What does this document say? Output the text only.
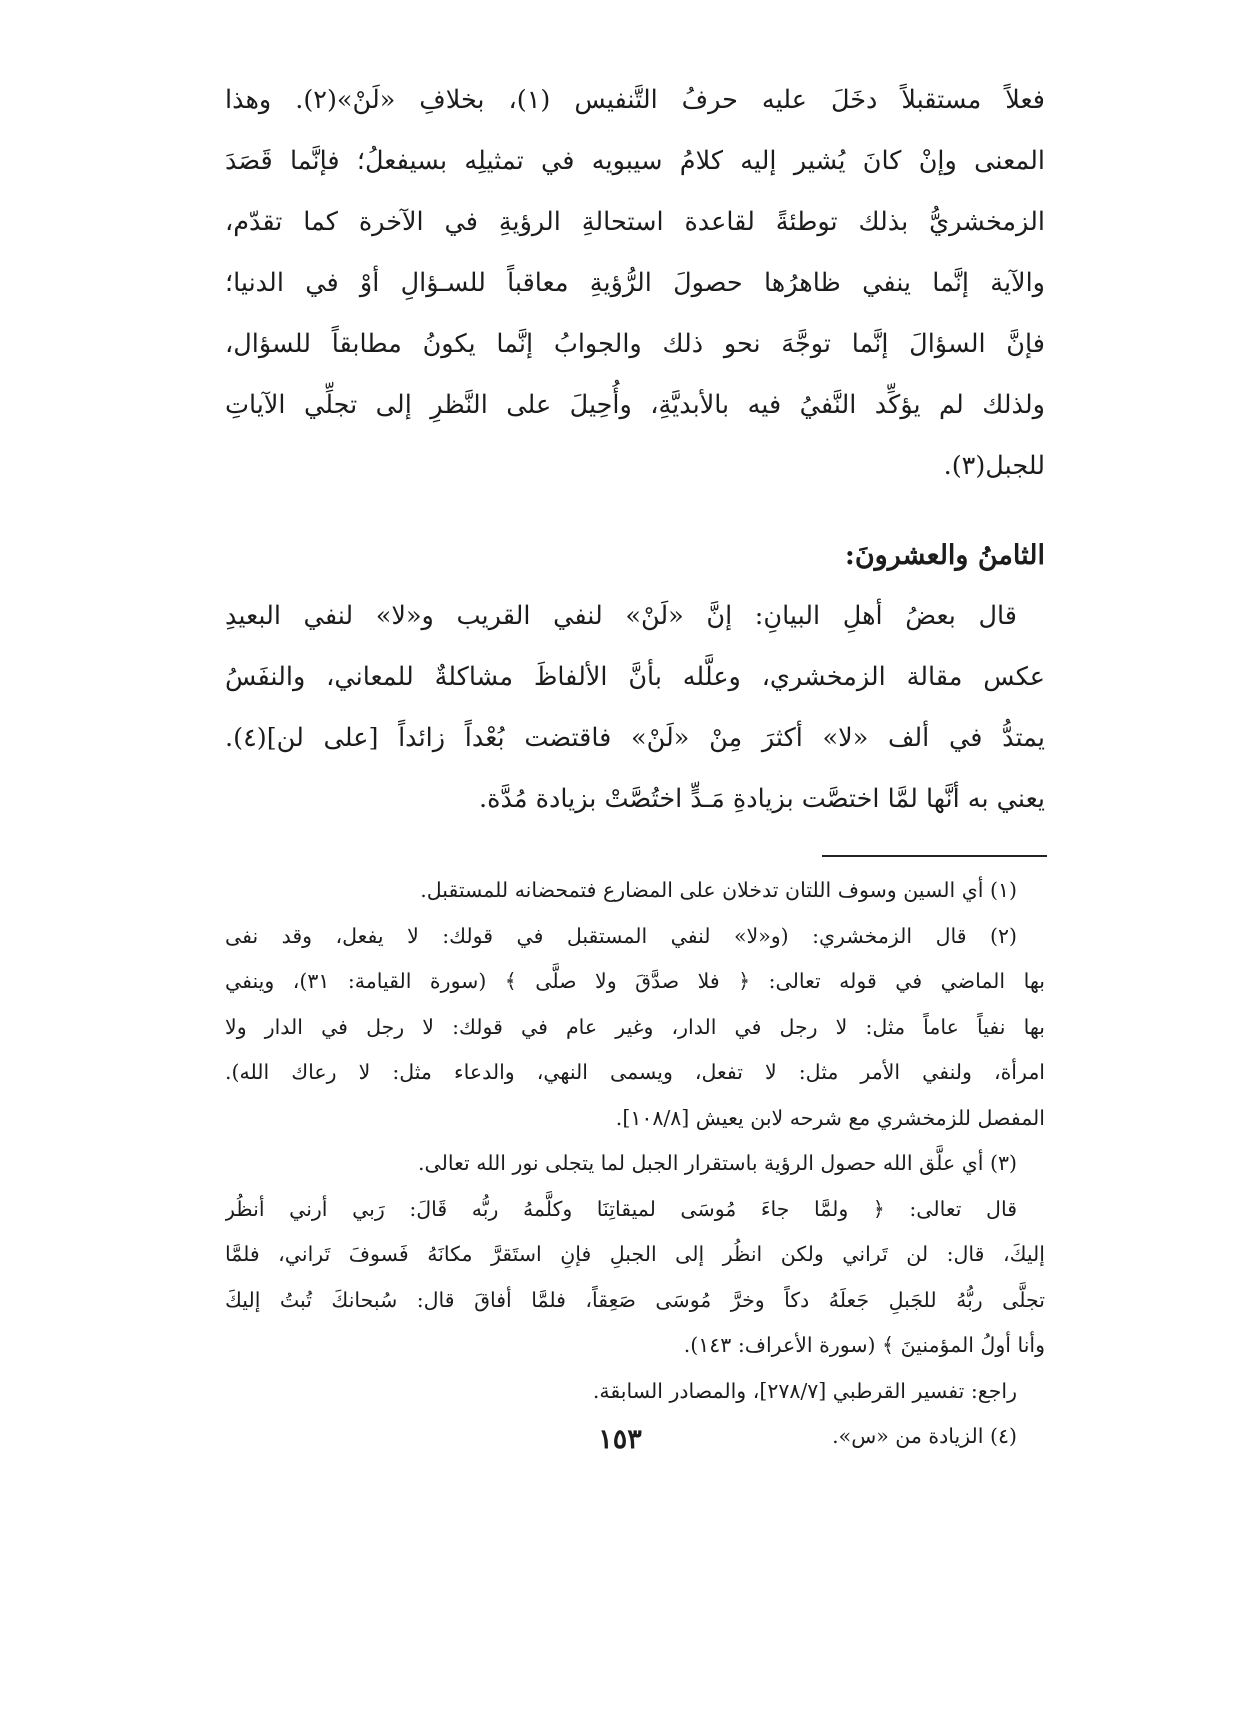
فعلاً مستقبلاً دخَلَ عليه حرفُ التَّنفيس (١)، بخلافِ «لَنْ»(٢). وهذا
المعنى وإنْ كانَ يُشير إليه كلامُ سيبويه في تمثيلِه بسيفعلُ؛ فإنَّما قَصَدَ
الزمخشريُّ بذلك توطئةً لقاعدة استحالةِ الرؤيةِ في الآخرة كما تقدّم،
والآية إنَّما ينفي ظاهرُها حصولَ الرُّؤيةِ معاقباً للسـؤالِ أوْ في الدنيا؛
فإنَّ السؤالَ إنَّما توجَّهَ نحو ذلك والجوابُ إنَّما يكونُ مطابقاً للسؤال،
ولذلك لم يؤكِّد النَّفيُ فيه بالأبديَّةِ، وأُحِيلَ على النَّظرِ إلى تجلِّي الآياتِ
للجبل(٣).
الثامنُ والعشرونَ:
قال بعضُ أهلِ البيانِ: إنَّ «لَنْ» لنفي القريب و«لا» لنفي البعيدِ
عكس مقالة الزمخشري، وعلَّله بأنَّ الألفاظَ مشاكلةٌ للمعاني، والنفَسُ
يمتدُّ في ألف «لا» أكثرَ مِنْ «لَنْ» فاقتضت بُعْداً زائداً [على لن](٤).
يعني به أنَّها لمَّا اختصَّت بزيادةِ مَـدٍّ اختُصَّتْ بزيادة مُدَّة.
(١) أي السين وسوف اللتان تدخلان على المضارع فتمحضانه للمستقبل.
(٢) قال الزمخشري: (و«لا» لنفي المستقبل في قولك: لا يفعل، وقد نفى
بها الماضي في قوله تعالى: ﴿ فلا صدَّقَ ولا صلَّى ﴾ (سورة القيامة: ٣١)، وينفي
بها نفياً عاماً مثل: لا رجل في الدار، وغير عام في قولك: لا رجل في الدار ولا
امرأة، ولنفي الأمر مثل: لا تفعل، ويسمى النهي، والدعاء مثل: لا رعاك الله).
المفصل للزمخشري مع شرحه لابن يعيش [١٠٨/٨].
(٣) أي علَّق الله حصول الرؤية باستقرار الجبل لما يتجلى نور الله تعالى.
قال تعالى: ﴿ ولمَّا جاءَ مُوسَى لميقاتِنَا وكلَّمهُ ربُّه قَالَ: رَبي أرني أنظُر
إليكَ، قال: لن تَراني ولكن انظُر إلى الجبلِ فإنِ استَقرَّ مكانَهُ فَسوفَ تَراني، فلمَّا
تجلَّى ربُّهُ للجَبلِ جَعلَهُ دكاً وخرَّ مُوسَى صَعِقاً، فلمَّا أفاقَ قال: سُبحانكَ تُبتُ إليكَ
وأنا أولُ المؤمنينَ ﴾ (سورة الأعراف: ١٤٣).
راجع: تفسير القرطبي [٢٧٨/٧]، والمصادر السابقة.
(٤) الزيادة من «س».
١٥٣
